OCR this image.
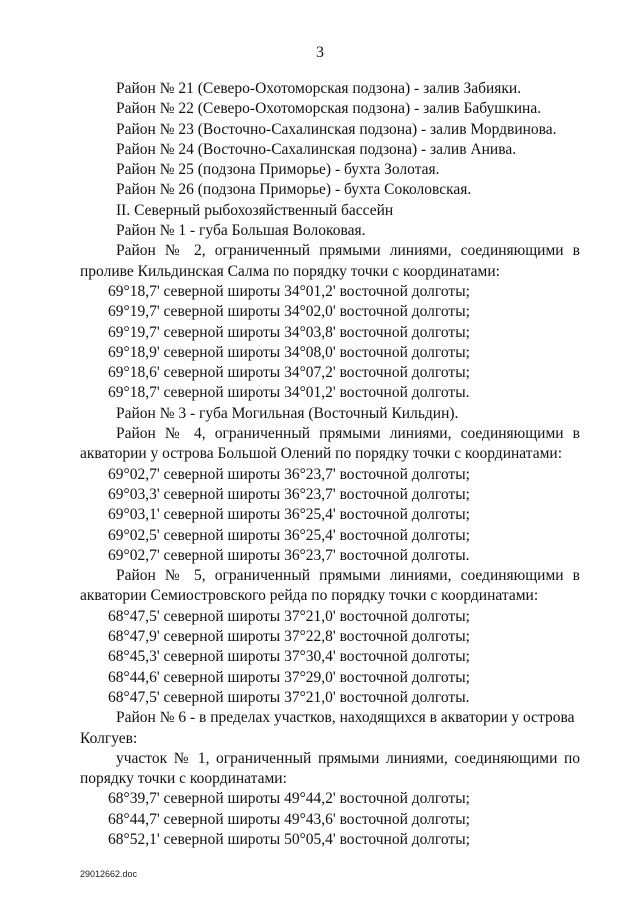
3

Район № 21 (Северо-Охотоморская подзона) - залив Забияки.

Район № 22 (Северо-Охотоморская подзона) - залив Бабушкина.

Район № 23 (Восточно-Сахалинская подзона) - залив Мордвинова.

Район № 24 (Восточно-Сахалинская подзона) - залив Анива.

Район № 25 (подзона Приморье) - бухта Золотая.

Район № 26 (подзона Приморье) - бухта Соколовская.

II. Северный рыбохозяйственный бассейн

Район № 1 - губа Большая Волоковая.

Район № 2, ограниченный прямыми линиями, соединяющими в

проливе Кильдинская Салма по порядку точки с координатами:

69°18,7' северной широты 34°01,2' восточной долготы;

69°19,7' северной широты 34°02,0' восточной долготы;

69°19,7' северной широты 34°03,8' восточной долготы;

69°18,9' северной широты 34°08,0' восточной долготы;

69°18,6' северной широты 34°07,2' восточной долготы;

69°18,7' северной широты 34°01,2' восточной долготы.

Район № 3 - губа Могильная (Восточный Кильдин).

Район № 4, ограниченный прямыми линиями, соединяющими в

акватории у острова Большой Олений по порядку точки с координатами:

69°02,7' северной широты 36°23,7' восточной долготы;

69°03,3' северной широты 36°23,7' восточной долготы;

69°03,1' северной широты 36°25,4' восточной долготы;

69°02,5' северной широты 36°25,4' восточной долготы;

69°02,7' северной широты 36°23,7' восточной долготы.

Район № 5, ограниченный прямыми линиями, соединяющими в

акватории Семиостровского рейда по порядку точки с координатами:

68°47,5' северной широты 37°21,0' восточной долготы;

68°47,9' северной широты 37°22,8' восточной долготы;

68°45,3' северной широты 37°30,4' восточной долготы;

68°44,6' северной широты 37°29,0' восточной долготы;

68°47,5' северной широты 37°21,0' восточной долготы.

Район № 6 - в пределах участков, находящихся в акватории у острова

Колгуев:

участок № 1, ограниченный прямыми линиями, соединяющими по

порядку точки с координатами:

68°39,7' северной широты 49°44,2' восточной долготы;

68°44,7' северной широты 49°43,6' восточной долготы;

68°52,1' северной широты 50°05,4' восточной долготы;

29012662.doc
